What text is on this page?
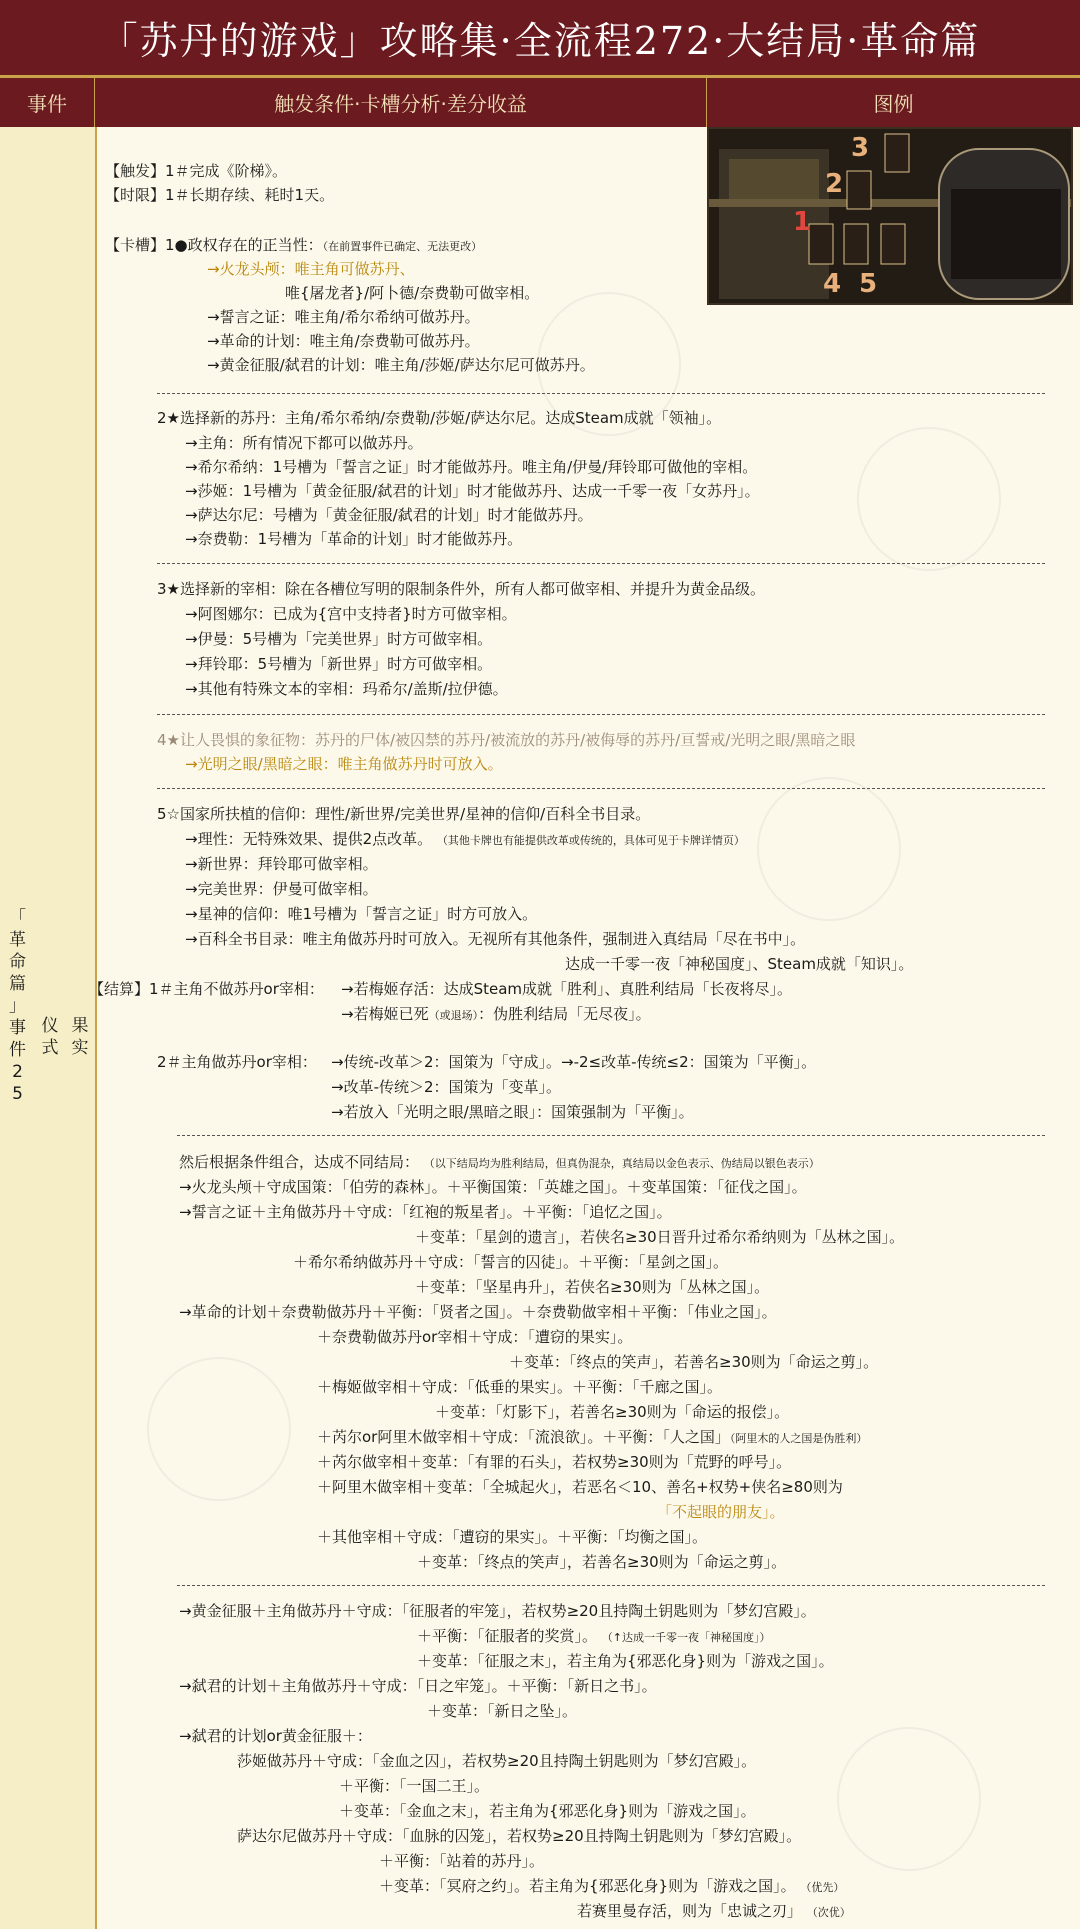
「苏丹的游戏」攻略集·全流程272·大结局·革命篇
事件	触发条件·卡槽分析·差分收益	图例
「
革
命
篇
」
事
件
2
5
仪
式
果
实
【触发】1＃完成《阶梯》。
【时限】1＃长期存续、耗时1天。
【卡槽】1●政权存在的正当性：（在前置事件已确定、无法更改）
→火龙头颅：唯主角可做苏丹、
唯{屠龙者}/阿卜德/奈费勒可做宰相。
→誓言之证：唯主角/希尔希纳可做苏丹。
→革命的计划：唯主角/奈费勒可做苏丹。
→黄金征服/弑君的计划：唯主角/莎姬/萨达尔尼可做苏丹。
2★选择新的苏丹：主角/希尔希纳/奈费勒/莎姬/萨达尔尼。达成Steam成就「领袖」。
→主角：所有情况下都可以做苏丹。
→希尔希纳：1号槽为「誓言之证」时才能做苏丹。唯主角/伊曼/拜铃耶可做他的宰相。
→莎姬：1号槽为「黄金征服/弑君的计划」时才能做苏丹、达成一千零一夜「女苏丹」。
→萨达尔尼：号槽为「黄金征服/弑君的计划」时才能做苏丹。
→奈费勒：1号槽为「革命的计划」时才能做苏丹。
3★选择新的宰相：除在各槽位写明的限制条件外，所有人都可做宰相、并提升为黄金品级。
→阿图娜尔：已成为{宫中支持者}时方可做宰相。
→伊曼：5号槽为「完美世界」时方可做宰相。
→拜铃耶：5号槽为「新世界」时方可做宰相。
→其他有特殊文本的宰相：玛希尔/盖斯/拉伊德。
4★让人畏惧的象征物：苏丹的尸体/被囚禁的苏丹/被流放的苏丹/被侮辱的苏丹/亘誓戒/光明之眼/黑暗之眼
→光明之眼/黑暗之眼：唯主角做苏丹时可放入。
5☆国家所扶植的信仰：理性/新世界/完美世界/星神的信仰/百科全书目录。
→理性：无特殊效果、提供2点改革。 （其他卡牌也有能提供改革或传统的，具体可见于卡牌详情页）
→新世界：拜铃耶可做宰相。
→完美世界：伊曼可做宰相。
→星神的信仰：唯1号槽为「誓言之证」时方可放入。
→百科全书目录：唯主角做苏丹时可放入。无视所有其他条件，强制进入真结局「尽在书中」。
达成一千零一夜「神秘国度」、Steam成就「知识」。
【结算】1＃主角不做苏丹or宰相： →若梅姬存活：达成Steam成就「胜利」、真胜利结局「长夜将尽」。
→若梅姬已死（或退场）：伪胜利结局「无尽夜」。
2＃主角做苏丹or宰相： →传统-改革＞2：国策为「守成」。→-2≤改革-传统≤2：国策为「平衡」。
→改革-传统＞2：国策为「变革」。
→若放入「光明之眼/黑暗之眼」：国策强制为「平衡」。
然后根据条件组合，达成不同结局： （以下结局均为胜利结局，但真伪混杂，真结局以金色表示、伪结局以银色表示）
→火龙头颅＋守成国策：「伯劳的森林」。＋平衡国策：「英雄之国」。＋变革国策：「征伐之国」。
→誓言之证＋主角做苏丹＋守成：「红袍的叛星者」。＋平衡：「追忆之国」。
＋变革：「星剑的遗言」，若侠名≥30日晋升过希尔希纳则为「丛林之国」。
＋希尔希纳做苏丹＋守成：「誓言的囚徒」。＋平衡：「星剑之国」。
＋变革：「坚星冉升」，若侠名≥30则为「丛林之国」。
→革命的计划＋奈费勒做苏丹＋平衡：「贤者之国」。＋奈费勒做宰相＋平衡：「伟业之国」。
＋奈费勒做苏丹or宰相＋守成：「遭窃的果实」。
＋变革：「终点的笑声」，若善名≥30则为「命运之剪」。
＋梅姬做宰相＋守成：「低垂的果实」。＋平衡：「千廊之国」。
＋变革：「灯影下」，若善名≥30则为「命运的报偿」。
＋芮尔or阿里木做宰相＋守成：「流浪欲」。＋平衡：「人之国」（阿里木的人之国是伪胜利）
＋芮尔做宰相＋变革：「有罪的石头」，若权势≥30则为「荒野的呼号」。
＋阿里木做宰相＋变革：「全城起火」，若恶名＜10、善名+权势+侠名≥80则为
「不起眼的朋友」。
＋其他宰相＋守成：「遭窃的果实」。＋平衡：「均衡之国」。
＋变革：「终点的笑声」，若善名≥30则为「命运之剪」。
→黄金征服＋主角做苏丹＋守成：「征服者的牢笼」，若权势≥20且持陶土钥匙则为「梦幻宫殿」。
＋平衡：「征服者的奖赏」。 （↑达成一千零一夜「神秘国度」）
＋变革：「征服之末」，若主角为{邪恶化身}则为「游戏之国」。
→弑君的计划＋主角做苏丹＋守成：「日之牢笼」。＋平衡：「新日之书」。
＋变革：「新日之坠」。
→弑君的计划or黄金征服＋：
莎姬做苏丹＋守成：「金血之囚」，若权势≥20且持陶土钥匙则为「梦幻宫殿」。
＋平衡：「一国二王」。
＋变革：「金血之末」，若主角为{邪恶化身}则为「游戏之国」。
萨达尔尼做苏丹＋守成：「血脉的囚笼」，若权势≥20且持陶土钥匙则为「梦幻宫殿」。
＋平衡：「站着的苏丹」。
＋变革：「冥府之约」。若主角为{邪恶化身}则为「游戏之国」。 （优先）
若赛里曼存活，则为「忠诚之刃」 （次优）
1
2
3
4 5
